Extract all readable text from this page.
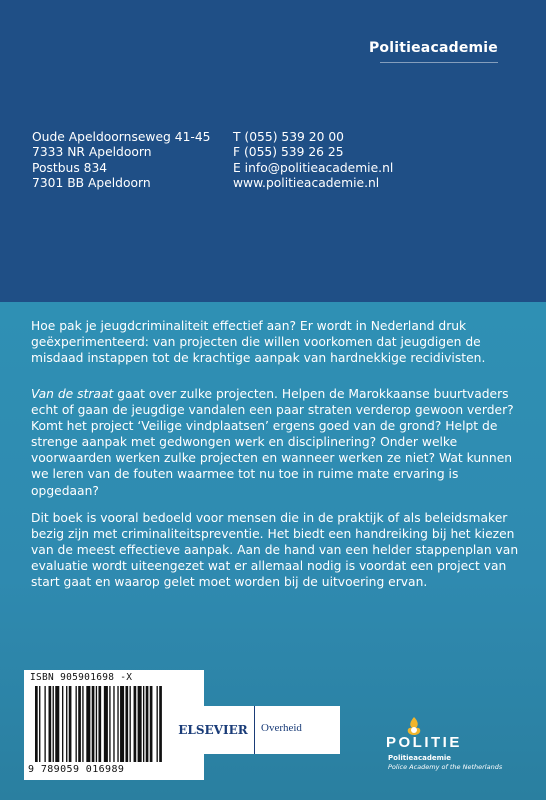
Politieacademie
Oude Apeldoornseweg 41-45
7333 NR Apeldoorn
Postbus 834
7301 BB Apeldoorn
T (055) 539 20 00
F (055) 539 26 25
E info@politieacademie.nl
www.politieacademie.nl
Hoe pak je jeugdcriminaliteit effectief aan? Er wordt in Nederland druk geëxperimenteerd: van projecten die willen voorkomen dat jeugdigen de misdaad instappen tot de krachtige aanpak van hardnekkige recidivisten.
Van de straat gaat over zulke projecten. Helpen de Marokkaanse buurtvaders echt of gaan de jeugdige vandalen een paar straten verderop gewoon verder? Komt het project ‘Veilige vindplaatsen’ ergens goed van de grond? Helpt de strenge aanpak met gedwongen werk en disciplinering? Onder welke voorwaarden werken zulke projecten en wanneer werken ze niet? Wat kunnen we leren van de fouten waarmee tot nu toe in ruime mate ervaring is opgedaan?
Dit boek is vooral bedoeld voor mensen die in de praktijk of als beleidsmaker bezig zijn met criminaliteitspreventie. Het biedt een handreiking bij het kiezen van de meest effectieve aanpak. Aan de hand van een helder stappenplan van evaluatie wordt uiteengezet wat er allemaal nodig is voordat een project van start gaat en waarop gelet moet worden bij de uitvoering ervan.
ISBN 905901698 -X
9 789059 016989
ELSEVIER	Overheid
POLITIE
Politieacademie
Police Academy of the Netherlands
